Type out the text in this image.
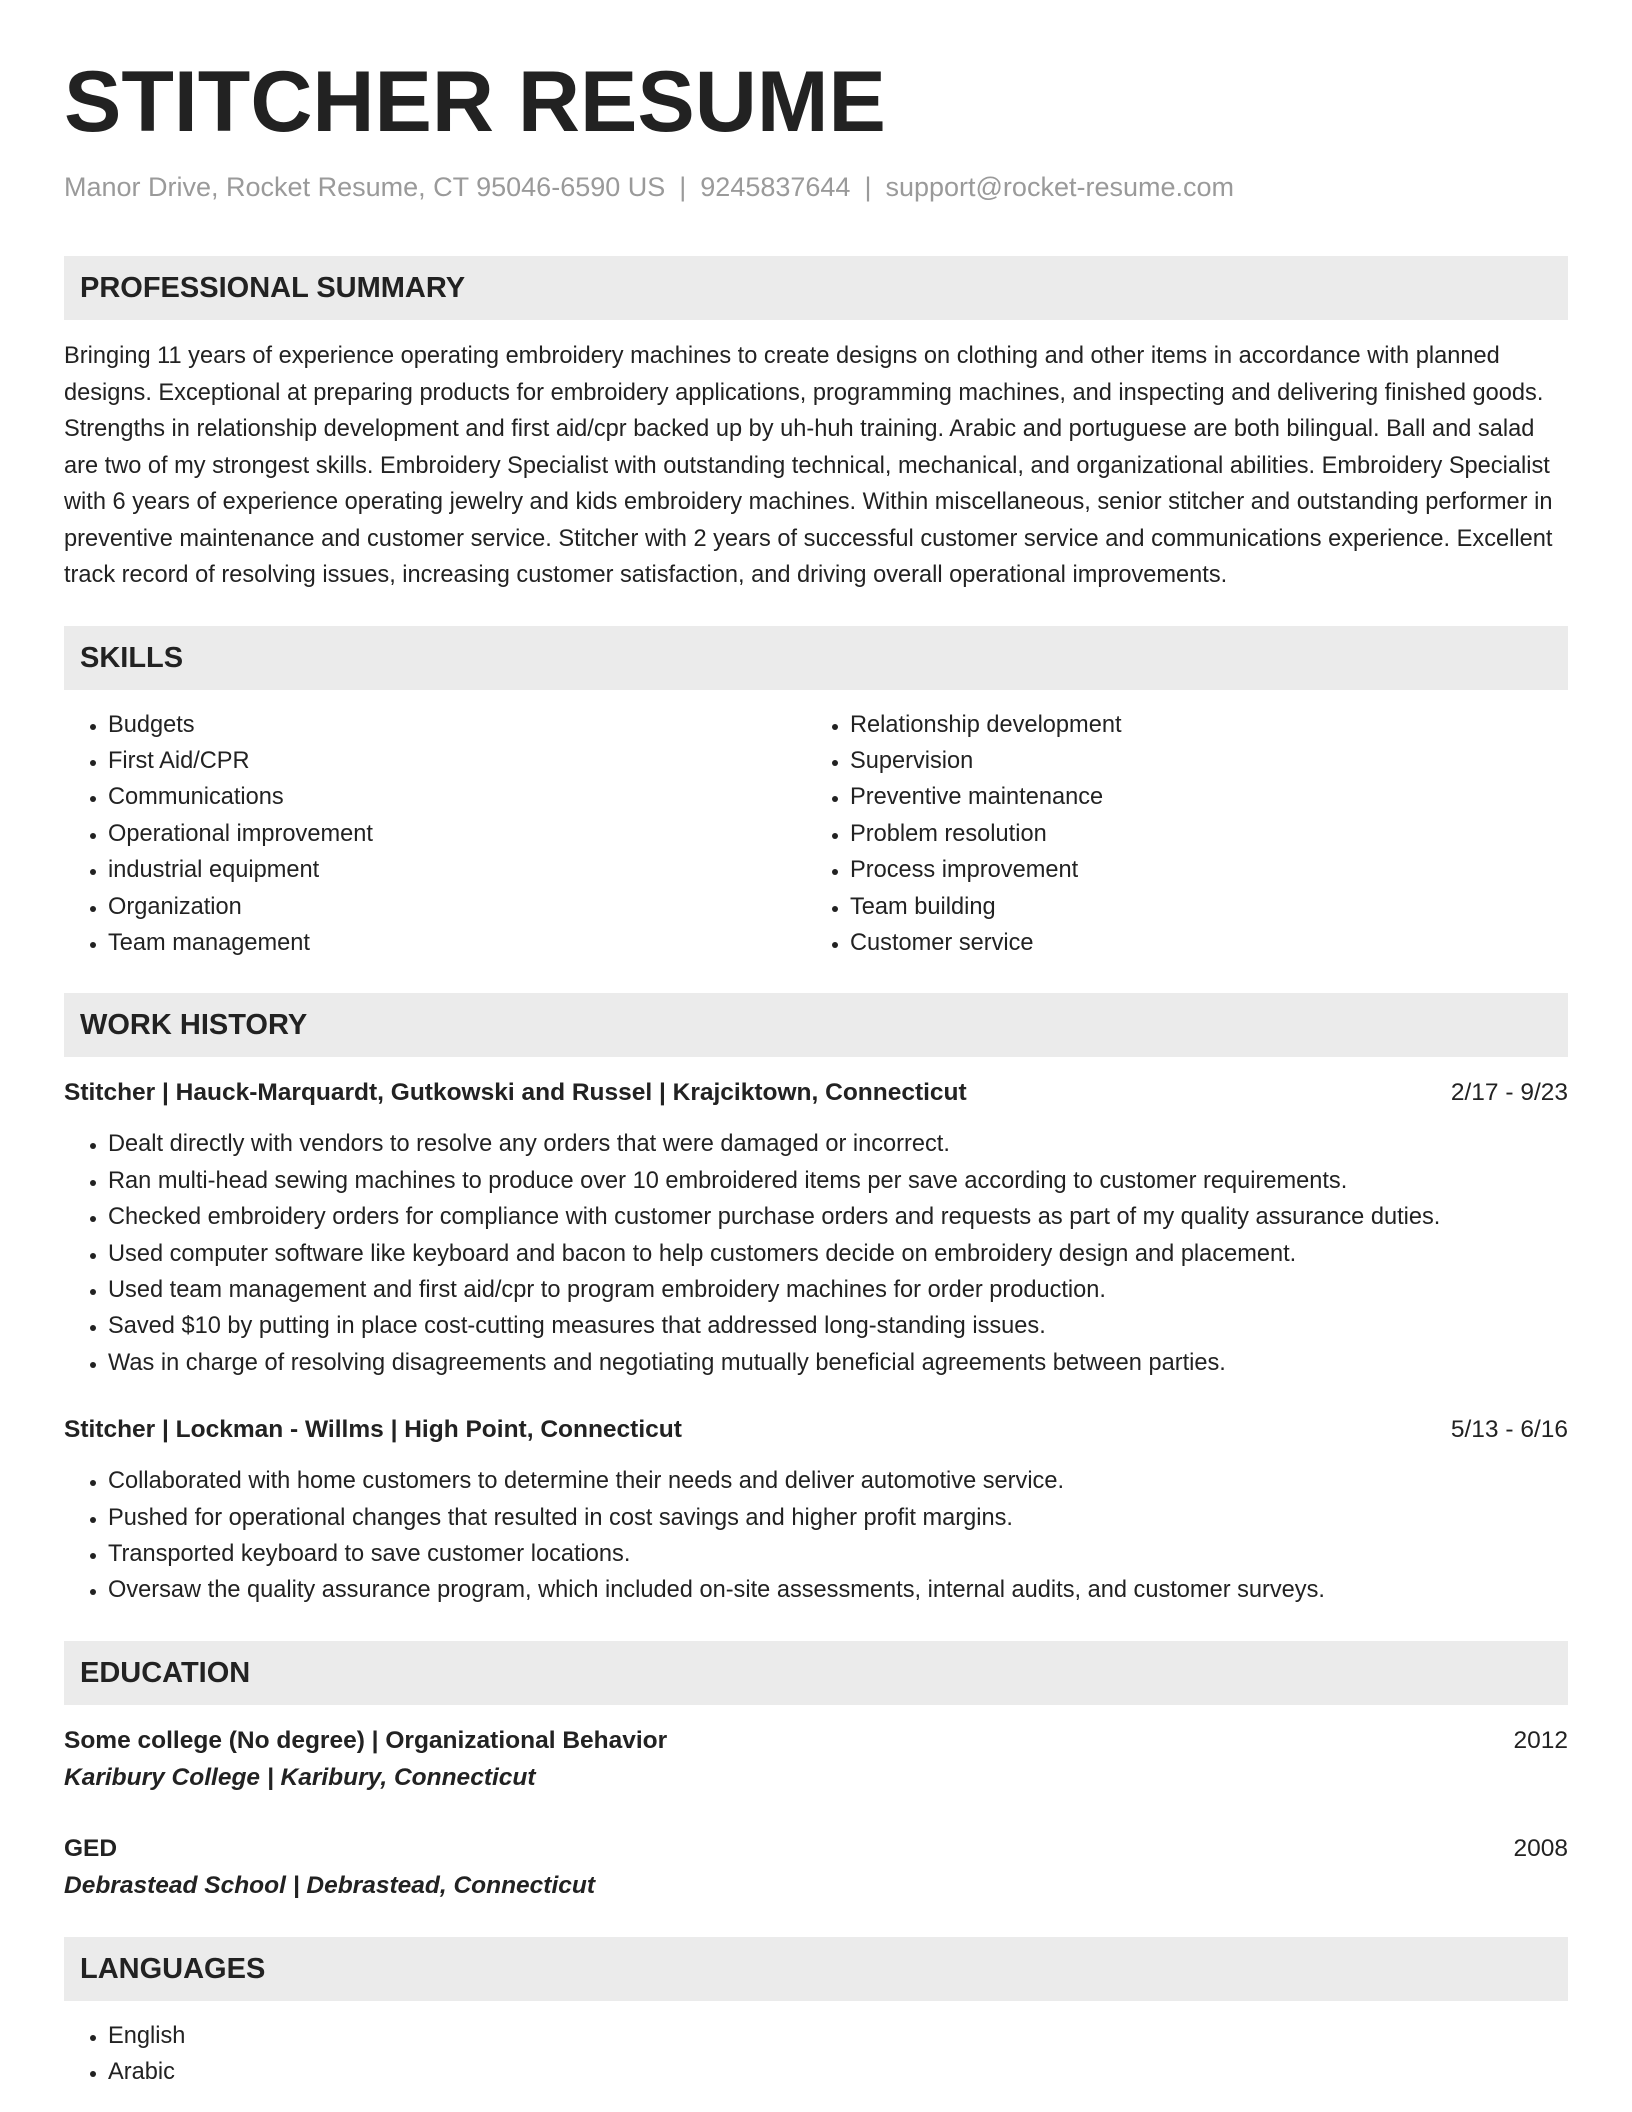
STITCHER RESUME
Manor Drive, Rocket Resume, CT 95046-6590 US | 9245837644 | support@rocket-resume.com
PROFESSIONAL SUMMARY
Bringing 11 years of experience operating embroidery machines to create designs on clothing and other items in accordance with planned designs. Exceptional at preparing products for embroidery applications, programming machines, and inspecting and delivering finished goods. Strengths in relationship development and first aid/cpr backed up by uh-huh training. Arabic and portuguese are both bilingual. Ball and salad are two of my strongest skills. Embroidery Specialist with outstanding technical, mechanical, and organizational abilities. Embroidery Specialist with 6 years of experience operating jewelry and kids embroidery machines. Within miscellaneous, senior stitcher and outstanding performer in preventive maintenance and customer service. Stitcher with 2 years of successful customer service and communications experience. Excellent track record of resolving issues, increasing customer satisfaction, and driving overall operational improvements.
SKILLS
• Budgets
• First Aid/CPR
• Communications
• Operational improvement
• industrial equipment
• Organization
• Team management
• Relationship development
• Supervision
• Preventive maintenance
• Problem resolution
• Process improvement
• Team building
• Customer service
WORK HISTORY
Stitcher | Hauck-Marquardt, Gutkowski and Russel | Krajciktown, Connecticut	2/17 - 9/23
• Dealt directly with vendors to resolve any orders that were damaged or incorrect.
• Ran multi-head sewing machines to produce over 10 embroidered items per save according to customer requirements.
• Checked embroidery orders for compliance with customer purchase orders and requests as part of my quality assurance duties.
• Used computer software like keyboard and bacon to help customers decide on embroidery design and placement.
• Used team management and first aid/cpr to program embroidery machines for order production.
• Saved $10 by putting in place cost-cutting measures that addressed long-standing issues.
• Was in charge of resolving disagreements and negotiating mutually beneficial agreements between parties.
Stitcher | Lockman - Willms | High Point, Connecticut	5/13 - 6/16
• Collaborated with home customers to determine their needs and deliver automotive service.
• Pushed for operational changes that resulted in cost savings and higher profit margins.
• Transported keyboard to save customer locations.
• Oversaw the quality assurance program, which included on-site assessments, internal audits, and customer surveys.
EDUCATION
Some college (No degree) | Organizational Behavior	2012
Karibury College | Karibury, Connecticut
GED	2008
Debrastead School | Debrastead, Connecticut
LANGUAGES
• English
• Arabic
